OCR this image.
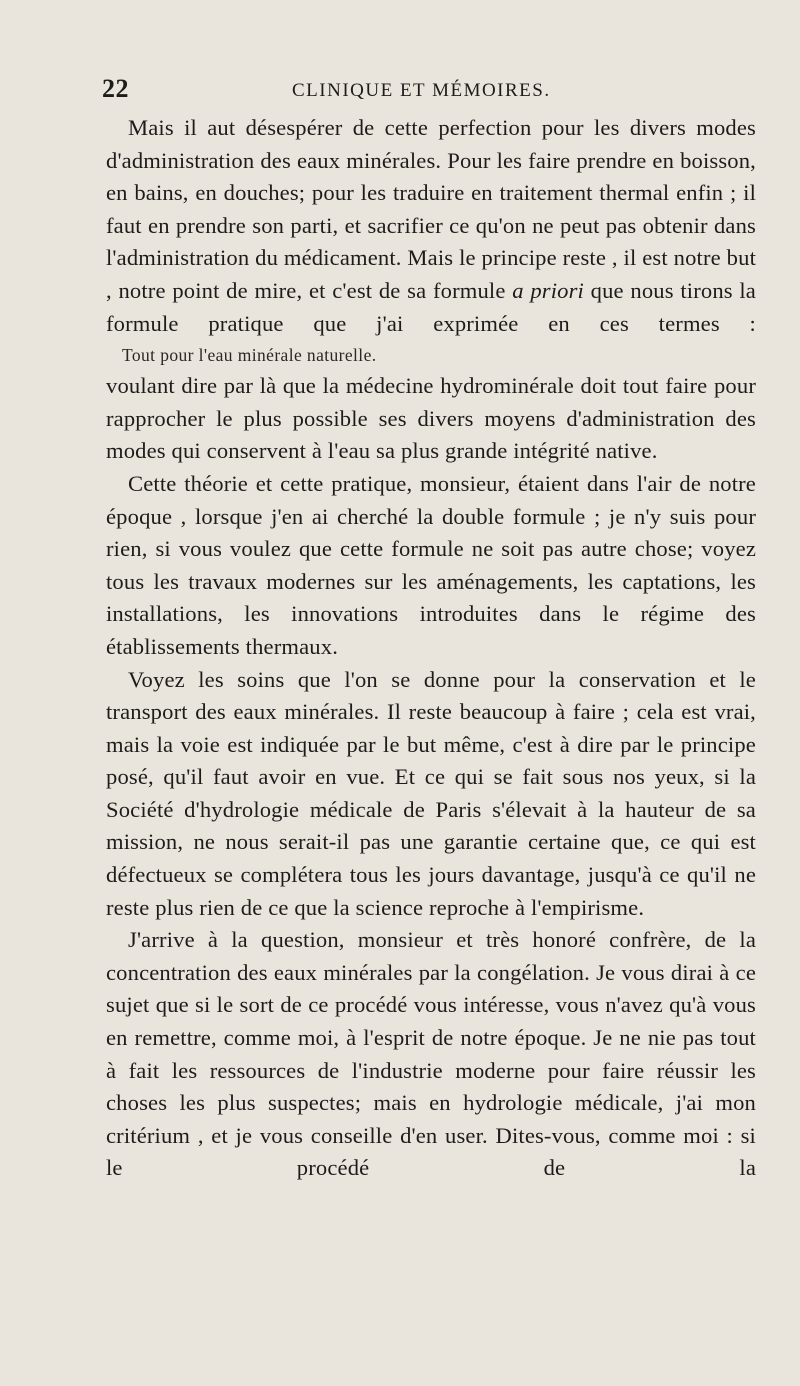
22	CLINIQUE ET MÉMOIRES.

Mais il aut désespérer de cette perfection pour les divers modes d'administration des eaux minérales. Pour les faire prendre en boisson, en bains, en douches; pour les traduire en traitement thermal enfin ; il faut en prendre son parti, et sacrifier ce qu'on ne peut pas obtenir dans l'administration du médicament. Mais le principe reste , il est notre but , notre point de mire, et c'est de sa formule a priori que nous tirons la formule pratique que j'ai exprimée en ces termes :

Tout pour l'eau minérale naturelle.

voulant dire par là que la médecine hydrominérale doit tout faire pour rapprocher le plus possible ses divers moyens d'administration des modes qui conservent à l'eau sa plus grande intégrité native.

Cette théorie et cette pratique, monsieur, étaient dans l'air de notre époque , lorsque j'en ai cherché la double formule ; je n'y suis pour rien, si vous voulez que cette formule ne soit pas autre chose; voyez tous les travaux modernes sur les aménagements, les captations, les installations, les innovations introduites dans le régime des établissements thermaux.

Voyez les soins que l'on se donne pour la conservation et le transport des eaux minérales. Il reste beaucoup à faire ; cela est vrai, mais la voie est indiquée par le but même, c'est à dire par le principe posé, qu'il faut avoir en vue. Et ce qui se fait sous nos yeux, si la Société d'hydrologie médicale de Paris s'élevait à la hauteur de sa mission, ne nous serait-il pas une garantie certaine que, ce qui est défectueux se complétera tous les jours davantage, jusqu'à ce qu'il ne reste plus rien de ce que la science reproche à l'empirisme.

J'arrive à la question, monsieur et très honoré confrère, de la concentration des eaux minérales par la congélation. Je vous dirai à ce sujet que si le sort de ce procédé vous intéresse, vous n'avez qu'à vous en remettre, comme moi, à l'esprit de notre époque. Je ne nie pas tout à fait les ressources de l'industrie moderne pour faire réussir les choses les plus suspectes; mais en hydrologie médicale, j'ai mon critérium , et je vous conseille d'en user. Dites-vous, comme moi : si le procédé de la
